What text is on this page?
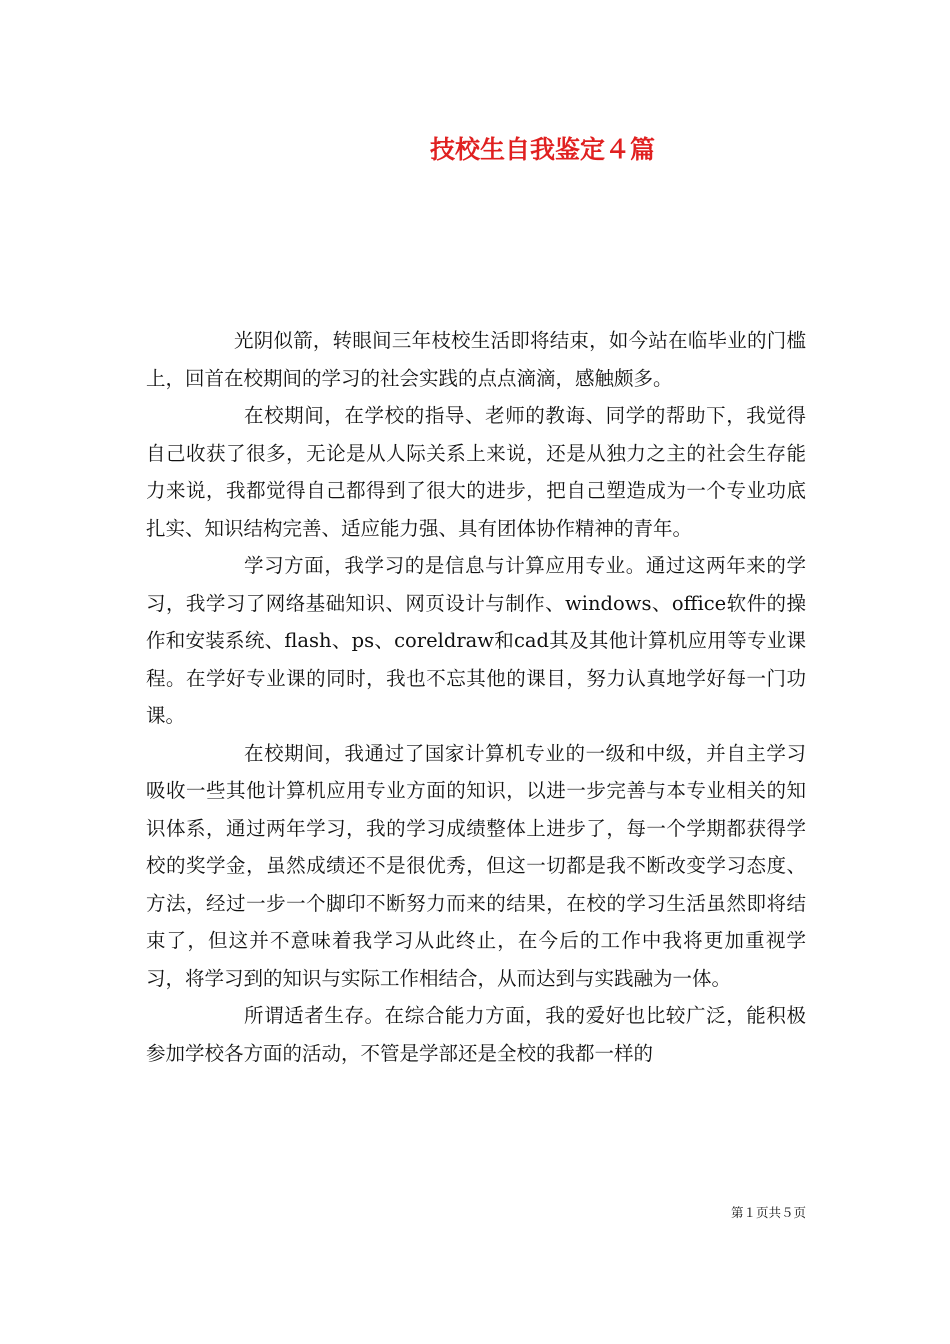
技校生自我鉴定４篇

光阴似箭，转眼间三年枝校生活即将结束，如今站在临毕业的门槛上，回首在校期间的学习的社会实践的点点滴滴，感触颇多。

在校期间，在学校的指导、老师的教诲、同学的帮助下，我觉得自己收获了很多，无论是从人际关系上来说，还是从独力之主的社会生存能力来说，我都觉得自己都得到了很大的进步，把自己塑造成为一个专业功底扎实、知识结构完善、适应能力强、具有团体协作精神的青年。

学习方面，我学习的是信息与计算应用专业。通过这两年来的学习，我学习了网络基础知识、网页设计与制作、windows、office软件的操作和安装系统、flash、ps、coreldraw和cad其及其他计算机应用等专业课程。在学好专业课的同时，我也不忘其他的课目，努力认真地学好每一门功课。

在校期间，我通过了国家计算机专业的一级和中级，并自主学习吸收一些其他计算机应用专业方面的知识，以进一步完善与本专业相关的知识体系，通过两年学习，我的学习成绩整体上进步了，每一个学期都获得学校的奖学金，虽然成绩还不是很优秀，但这一切都是我不断改变学习态度、方法，经过一步一个脚印不断努力而来的结果，在校的学习生活虽然即将结束了，但这并不意味着我学习从此终止，在今后的工作中我将更加重视学习，将学习到的知识与实际工作相结合，从而达到与实践融为一体。

所谓适者生存。在综合能力方面，我的爱好也比较广泛，能积极参加学校各方面的活动，不管是学部还是全校的我都一样的

第１页共５页
